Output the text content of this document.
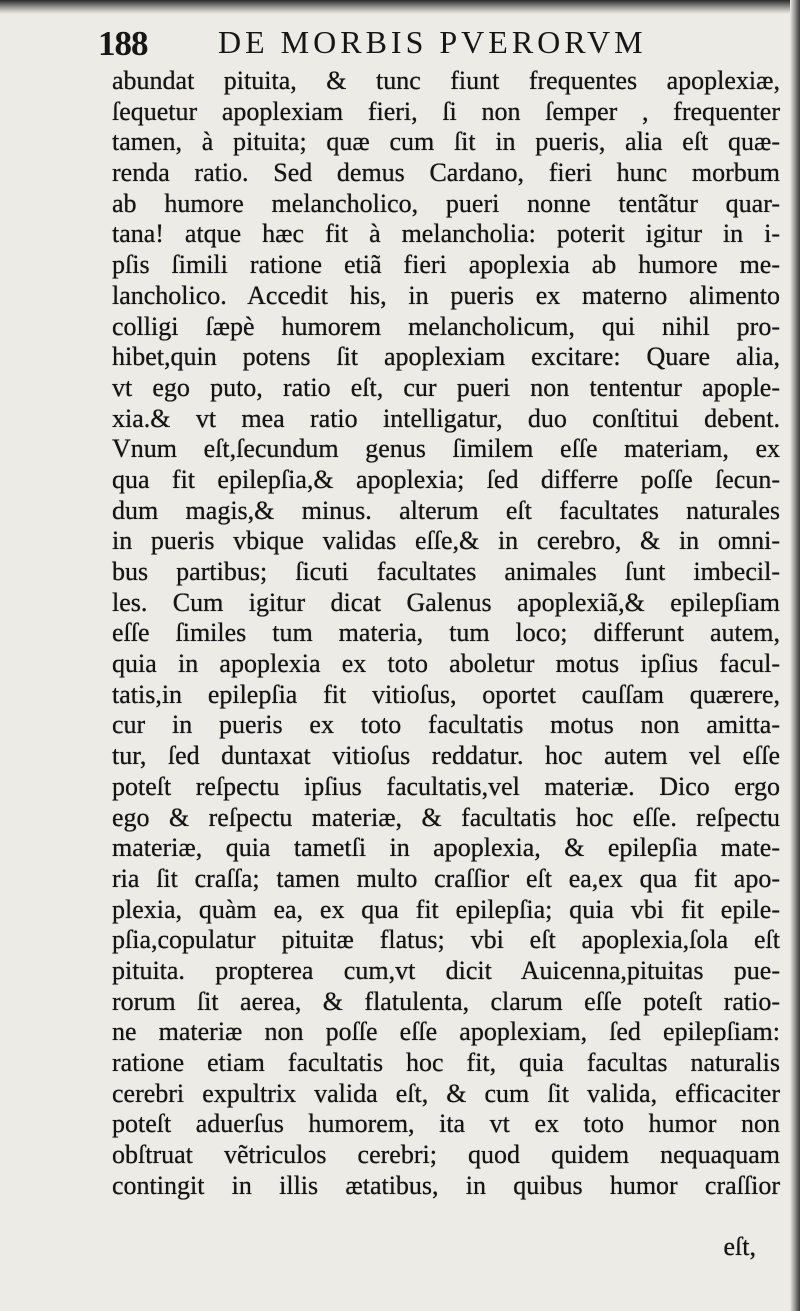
188 DE MORBIS PVERORVM
abundat pituita, & tunc fiunt frequentes apoplexiæ,
ſequetur apoplexiam fieri, ſi non ſemper , frequenter
tamen, à pituita; quæ cum ſit in pueris, alia eſt quæ-
renda ratio. Sed demus Cardano, fieri hunc morbum
ab humore melancholico, pueri nonne tentãtur quar-
tanaǃ atque hæc fit à melancholia: poterit igitur in i-
pſis ſimili ratione etiã fieri apoplexia ab humore me-
lancholico. Accedit his, in pueris ex materno alimento
colligi ſæpè humorem melancholicum, qui nihil pro-
hibet,quin potens ſit apoplexiam excitare: Quare alia,
vt ego puto, ratio eſt, cur pueri non tententur apople-
xia.& vt mea ratio intelligatur, duo conſtitui debent.
Vnum eſt,ſecundum genus ſimilem eſſe materiam, ex
qua fit epilepſia,& apoplexia; ſed differre poſſe ſecun-
dum magis,& minus. alterum eſt facultates naturales
in pueris vbique validas eſſe,& in cerebro, & in omni-
bus partibus; ſicuti facultates animales ſunt imbecil-
les. Cum igitur dicat Galenus apoplexiã,& epilepſiam
eſſe ſimiles tum materia, tum loco; differunt autem,
quia in apoplexia ex toto aboletur motus ipſius facul-
tatis,in epilepſia fit vitioſus, oportet cauſſam quærere,
cur in pueris ex toto facultatis motus non amitta-
tur, ſed duntaxat vitioſus reddatur. hoc autem vel eſſe
poteſt reſpectu ipſius facultatis,vel materiæ. Dico ergo
ego & reſpectu materiæ, & facultatis hoc eſſe. reſpectu
materiæ, quia tametſi in apoplexia, & epilepſia mate-
ria ſit craſſa; tamen multo craſſior eſt ea,ex qua fit apo-
plexia, quàm ea, ex qua fit epilepſia; quia vbi fit epile-
pſia,copulatur pituitæ flatus; vbi eſt apoplexia,ſola eſt
pituita. propterea cum,vt dicit Auicenna,pituitas pue-
rorum ſit aerea, & flatulenta, clarum eſſe poteſt ratio-
ne materiæ non poſſe eſſe apoplexiam, ſed epilepſiam:
ratione etiam facultatis hoc fit, quia facultas naturalis
cerebri expultrix valida eſt, & cum ſit valida, efficaciter
poteſt aduerſus humorem, ita vt ex toto humor non
obſtruat vẽtriculos cerebri; quod quidem nequaquam
contingit in illis ætatibus, in quibus humor craſſior
eſt,
